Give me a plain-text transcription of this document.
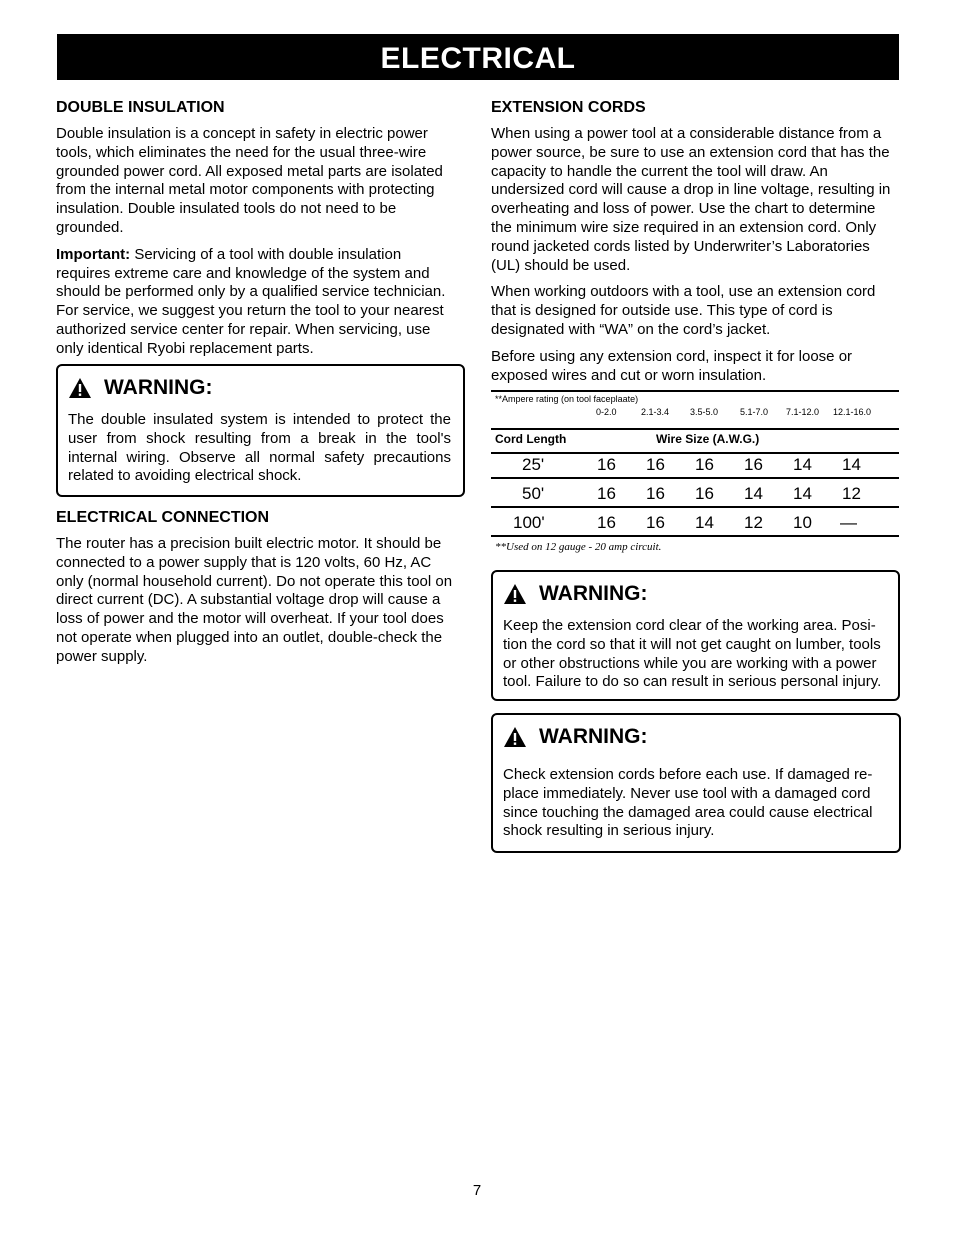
ELECTRICAL
DOUBLE INSULATION

Double insulation is a concept in safety in electric power tools, which eliminates the need for the usual three-wire grounded power cord. All exposed metal parts are isolated from the internal metal motor components with protecting insulation. Double insulated tools do not need to be grounded.

Important: Servicing of a tool with double insulation requires extreme care and knowledge of the system and should be performed only by a qualified service technician. For service, we suggest you return the tool to your nearest authorized service center for repair. When servicing, use only identical Ryobi replacement parts.

WARNING:
The double insulated system is intended to protect the user from shock resulting from a break in the tool's internal wiring. Observe all normal safety precautions related to avoiding electrical shock.
ELECTRICAL CONNECTION

The router has a precision built electric motor. It should be connected to a power supply that is 120 volts, 60 Hz, AC only (normal household current). Do not operate this tool on direct current (DC). A substantial voltage drop will cause a loss of power and the motor will overheat. If your tool does not operate when plugged into an outlet, double-check the power supply.

EXTENSION CORDS

When using a power tool at a considerable distance from a power source, be sure to use an extension cord that has the capacity to handle the current the tool will draw. An undersized cord will cause a drop in line voltage, resulting in overheating and loss of power. Use the chart to determine the minimum wire size required in an extension cord. Only round jacketed cords listed by Underwriter’s Laboratories (UL) should be used.

When working outdoors with a tool, use an extension cord that is designed for outside use. This type of cord is designated with “WA” on the cord’s jacket.

Before using any extension cord, inspect it for loose or exposed wires and cut or worn insulation.

**Ampere rating (on tool faceplaate)
0-2.0	2.1-3.4 3.5-5.0 5.1-7.0 7.1-12.0 12.1-16.0
Cord Length	Wire Size (A.W.G.)
25'	16 16 16 16 14 14
50'	16 16 16 14 14 12
100'	16 16 14 12 10 —
**Used on 12 gauge - 20 amp circuit.
WARNING:
Keep the extension cord clear of the working area. Posi-tion the cord so that it will not get caught on lumber, tools or other obstructions while you are working with a power tool. Failure to do so can result in serious personal injury.
WARNING:
Check extension cords before each use. If damaged re-place immediately. Never use tool with a damaged cord since touching the damaged area could cause electrical shock resulting in serious injury.
7
